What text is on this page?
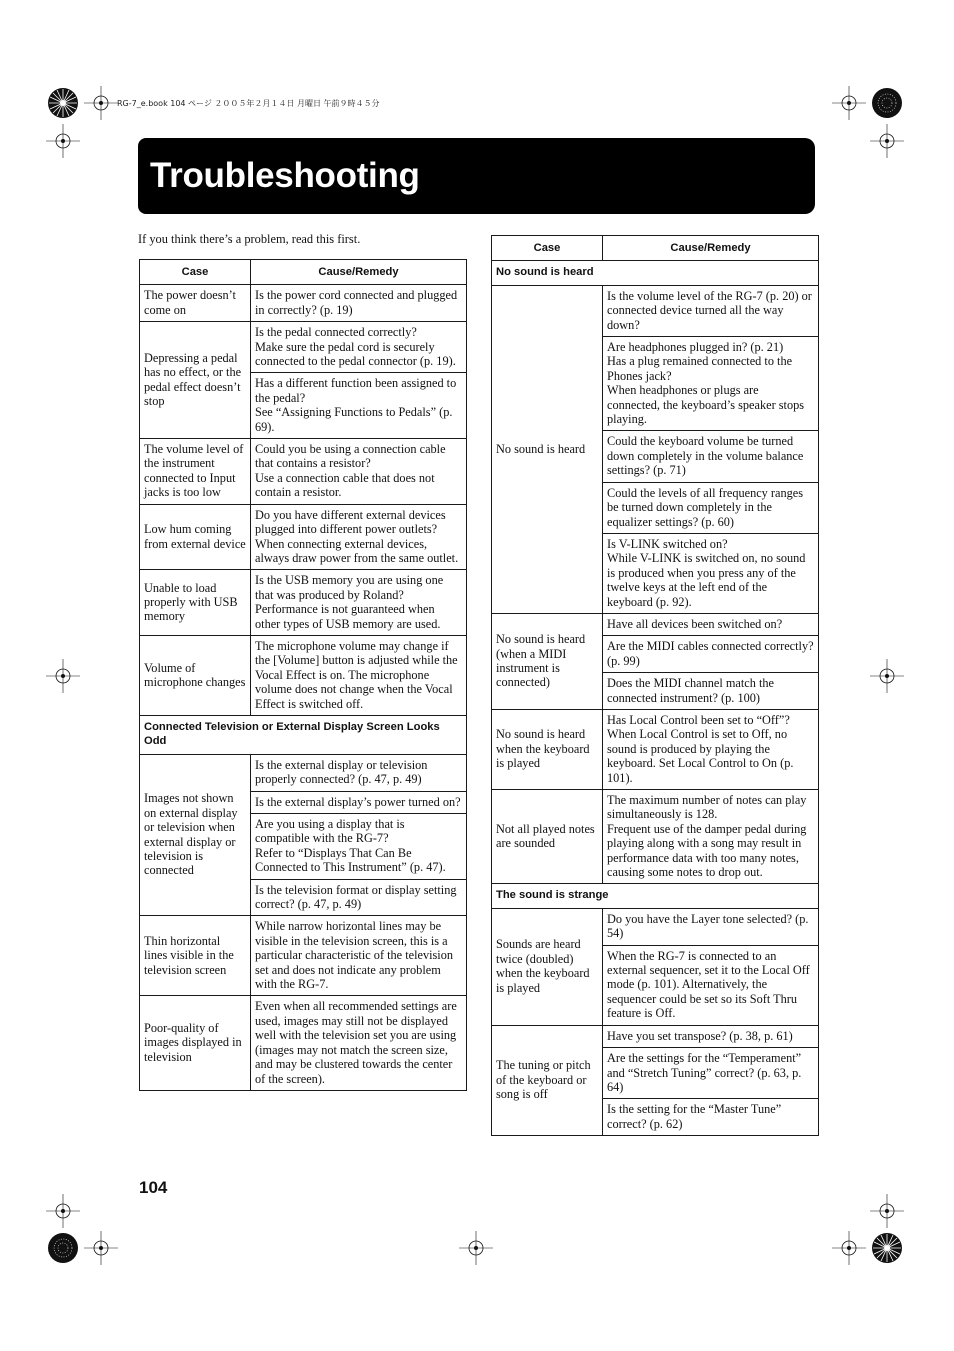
RG-7_e.book 104 ページ ２００５年２月１４日 月曜日 午前９時４５分
Troubleshooting

If you think there’s a problem, read this first.

Case	Cause/Remedy
The power doesn’t come on	Is the power cord connected and plugged in correctly? (p. 19)

Depressing a pedal has no effect, or the pedal effect doesn’t stop	Is the pedal connected correctly?
Make sure the pedal cord is securely connected to the pedal connector (p. 19).

	Has a different function been assigned to the pedal?
See “Assigning Functions to Pedals” (p. 69).

The volume level of the instrument connected to Input jacks is too low	Could you be using a connection cable that contains a resistor?
Use a connection cable that does not contain a resistor.

Low hum coming from external device	Do you have different external devices plugged into different power outlets?
When connecting external devices, always draw power from the same outlet.

Unable to load properly with USB memory	Is the USB memory you are using one that was produced by Roland?
Performance is not guaranteed when other types of USB memory are used.

Volume of microphone changes	The microphone volume may change if the [Volume] button is adjusted while the Vocal Effect is on. The microphone volume does not change when the Vocal Effect is switched off.

Connected Television or External Display Screen Looks Odd	
Images not shown on external display or television when external display or television is connected	Is the external display or television properly connected? (p. 47, p. 49)

	Is the external display’s power turned on?

	Are you using a display that is compatible with the RG-7?
Refer to “Displays That Can Be Connected to This Instrument” (p. 47).

	Is the television format or display setting correct? (p. 47, p. 49)

Thin horizontal lines visible in the television screen	While narrow horizontal lines may be visible in the television screen, this is a particular characteristic of the television set and does not indicate any problem with the RG-7.

Poor-quality of images displayed in television	Even when all recommended settings are used, images may still not be displayed well with the television set you are using (images may not match the screen size, and may be clustered towards the center of the screen).
Case	Cause/Remedy
No sound is heard	
No sound is heard	Is the volume level of the RG-7 (p. 20) or connected device turned all the way down?

	Are headphones plugged in? (p. 21)
Has a plug remained connected to the Phones jack?
When headphones or plugs are connected, the keyboard’s speaker stops playing.

	Could the keyboard volume be turned down completely in the volume balance settings? (p. 71)

	Could the levels of all frequency ranges be turned down completely in the equalizer settings? (p. 60)

	Is V-LINK switched on?
While V-LINK is switched on, no sound is produced when you press any of the twelve keys at the left end of the keyboard (p. 92).

No sound is heard (when a MIDI instrument is connected)	Have all devices been switched on?

	Are the MIDI cables connected correctly? (p. 99)

	Does the MIDI channel match the connected instrument? (p. 100)

No sound is heard when the keyboard is played	Has Local Control been set to “Off”? When Local Control is set to Off, no sound is produced by playing the keyboard. Set Local Control to On (p. 101).

Not all played notes are sounded	The maximum number of notes can play simultaneously is 128.
Frequent use of the damper pedal during playing along with a song may result in performance data with too many notes, causing some notes to drop out.

The sound is strange	
Sounds are heard twice (doubled) when the keyboard is played	Do you have the Layer tone selected? (p. 54)

	When the RG-7 is connected to an external sequencer, set it to the Local Off mode (p. 101). Alternatively, the sequencer could be set so its Soft Thru feature is Off.

The tuning or pitch of the keyboard or song is off	Have you set transpose? (p. 38, p. 61)

	Are the settings for the “Temperament” and “Stretch Tuning” correct? (p. 63, p. 64)

	Is the setting for the “Master Tune” correct? (p. 62)
104
